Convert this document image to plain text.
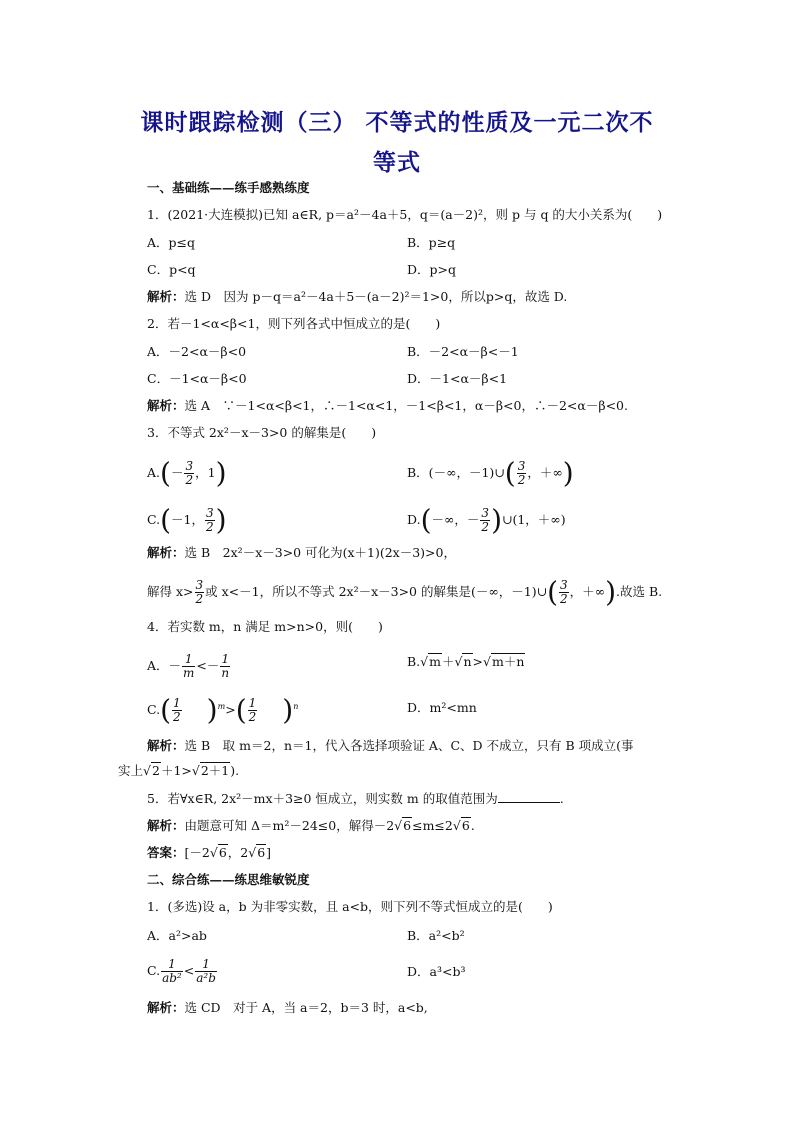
课时跟踪检测（三） 不等式的性质及一元二次不
等式
一、基础练——练手感熟练度
1．(2021·大连模拟)已知 a∈R, p＝a²－4a＋5，q＝(a－2)²，则 p 与 q 的大小关系为(　　)
A．p≤q	B．p≥q
C．p<q	D．p>q
解析：选 D　因为 p－q＝a²－4a＋5－(a－2)²＝1>0，所以p>q，故选 D.
2．若－1<α<β<1，则下列各式中恒成立的是(　　)
A．－2<α－β<0	B．－2<α－β<－1
C．－1<α－β<0	D．－1<α－β<1
解析：选 A　∵－1<α<β<1，∴－1<α<1，－1<β<1，α－β<0，∴－2<α－β<0.
3．不等式 2x²－x－3>0 的解集是(　　)
$A.(- \frac{3}{2}$ ，1)	B．(－∞，－1)∪( $\frac{3}{2}$ ，＋∞)
C.(－1， $\frac{3}{2}$ )	D.(－∞，－ $\frac{3}{2}$ )∪(1，＋∞)
解析：选 B　2x²－x－3>0 可化为(x＋1)(2x－3)>0，
解得 $x> \frac{3}{2}$ 或 x<－1，所以不等式 2x²－x－3>0 的解集是(－∞，－1)∪( $\frac{3}{2}$ ，＋∞).故选 B.
4．若实数 m，n 满足 m>n>0，则(　　)
A．－ $\frac{1}{m} <- \frac{1}{n}$	B.√m＋√n>√m＋n
$C.( \frac{1}{2} )^m>( \frac{1}{2} )^n$	D．m²<mn
解析：选 B　取 m＝2，n＝1，代入各选择项验证 A、C、D 不成立，只有 B 项成立(事
实上√2＋1>√2＋1).
5．若∀x∈R, 2x²－mx＋3≥0 恒成立，则实数 m 的取值范围为	.
解析：由题意可知 Δ＝m²－24≤0，解得－2√6≤m≤2√6.
答案：[－2√6，2√6]
二、综合练——练思维敏锐度
1．(多选)设 a，b 为非零实数，且 a<b，则下列不等式恒成立的是(　　)
A．a²>ab	B．a²<b²
C. $\frac{1}{\text{ab²}} < \frac{1}{\text{a²b}}$	D．a³<b³
解析：选 CD　对于 A，当 a＝2，b＝3 时，a<b,
